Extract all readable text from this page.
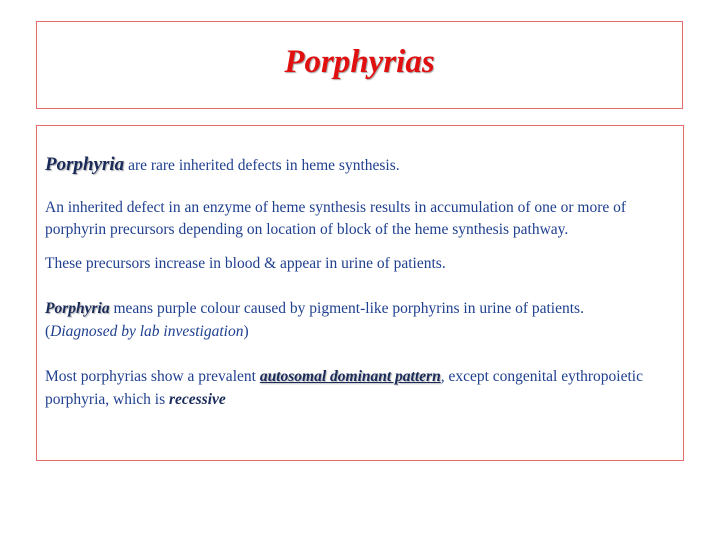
Porphyrias

Porphyria are rare inherited defects in heme synthesis.

An inherited defect in an enzyme of heme synthesis results in accumulation of one or more of porphyrin precursors depending on location of block of the heme synthesis pathway.

These precursors increase in blood & appear in urine of patients.

Porphyria means purple colour caused by pigment-like porphyrins in urine of patients. (Diagnosed by lab investigation)

Most porphyrias show a prevalent autosomal dominant pattern, except congenital eythropoietic porphyria, which is recessive
